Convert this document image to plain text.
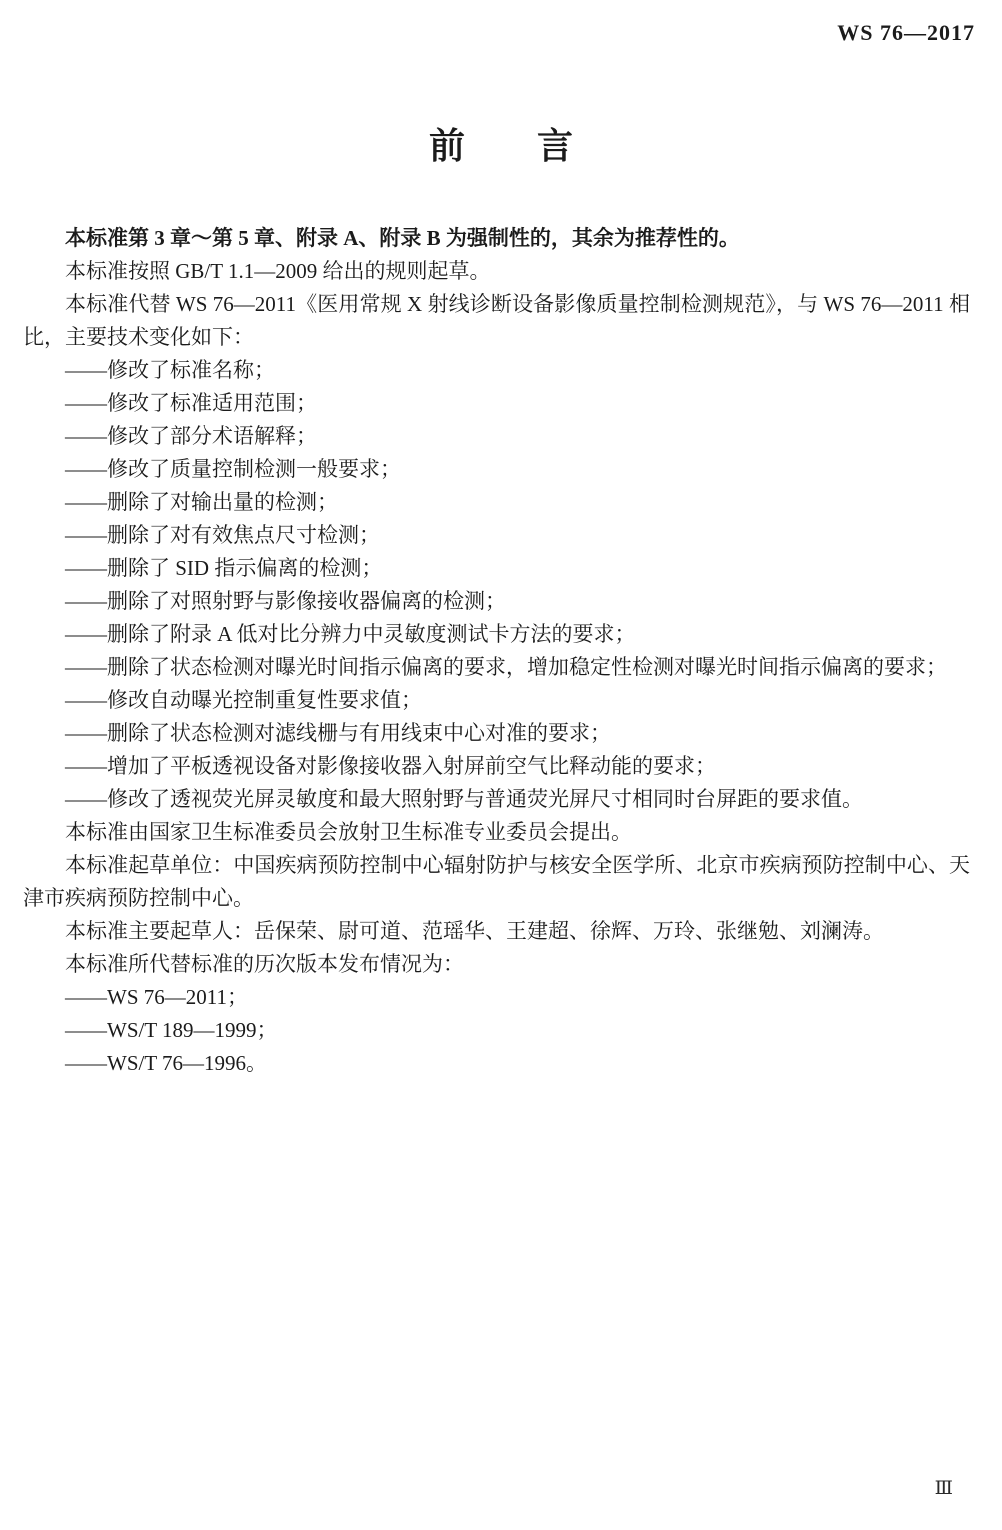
WS 76—2017
前　　言

本标准第 3 章～第 5 章、附录 A、附录 B 为强制性的，其余为推荐性的。

本标准按照 GB/T 1.1—2009 给出的规则起草。

本标准代替 WS 76—2011《医用常规 X 射线诊断设备影像质量控制检测规范》，与 WS 76—2011 相

比，主要技术变化如下：

——修改了标准名称；

——修改了标准适用范围；

——修改了部分术语解释；

——修改了质量控制检测一般要求；

——删除了对输出量的检测；

——删除了对有效焦点尺寸检测；

——删除了 SID 指示偏离的检测；

——删除了对照射野与影像接收器偏离的检测；

——删除了附录 A 低对比分辨力中灵敏度测试卡方法的要求；

——删除了状态检测对曝光时间指示偏离的要求，增加稳定性检测对曝光时间指示偏离的要求；

——修改自动曝光控制重复性要求值；

——删除了状态检测对滤线栅与有用线束中心对准的要求；

——增加了平板透视设备对影像接收器入射屏前空气比释动能的要求；

——修改了透视荧光屏灵敏度和最大照射野与普通荧光屏尺寸相同时台屏距的要求值。

本标准由国家卫生标准委员会放射卫生标准专业委员会提出。

本标准起草单位：中国疾病预防控制中心辐射防护与核安全医学所、北京市疾病预防控制中心、天

津市疾病预防控制中心。

本标准主要起草人：岳保荣、尉可道、范瑶华、王建超、徐辉、万玲、张继勉、刘澜涛。

本标准所代替标准的历次版本发布情况为：

——WS 76—2011；

——WS/T 189—1999；

——WS/T 76—1996。

Ⅲ
